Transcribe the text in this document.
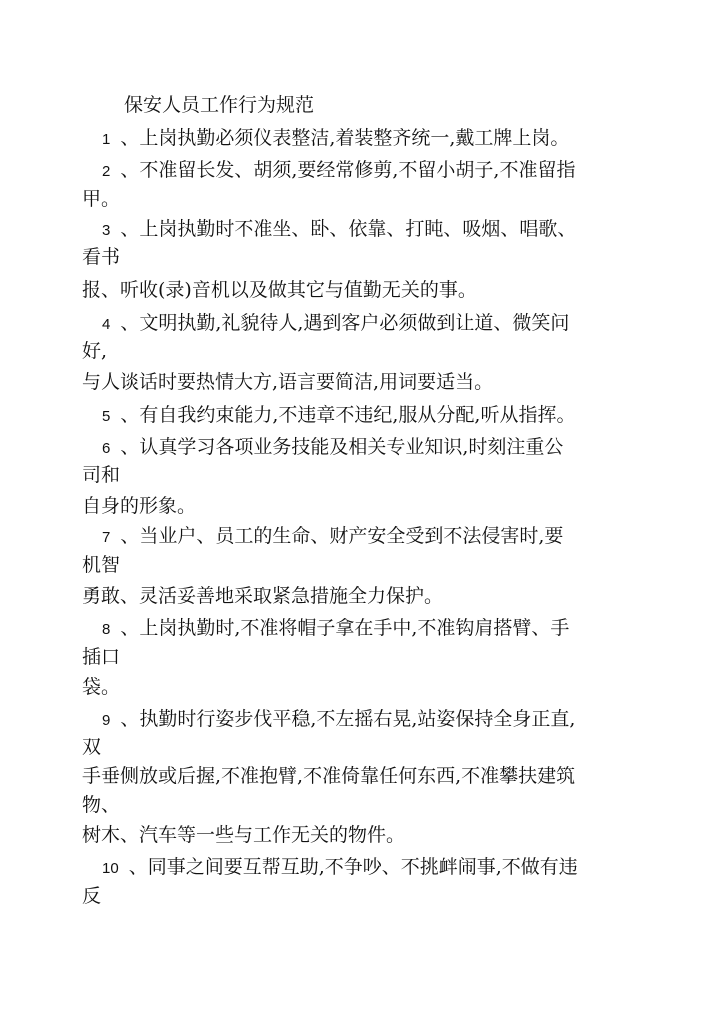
保安人员工作行为规范
1 、上岗执勤必须仪表整洁,着装整齐统一,戴工牌上岗。
2 、不准留长发、胡须,要经常修剪,不留小胡子,不准留指
甲。
3 、上岗执勤时不准坐、卧、依靠、打盹、吸烟、唱歌、
看书
报、听收(录)音机以及做其它与值勤无关的事。
4 、文明执勤,礼貌待人,遇到客户必须做到让道、微笑问
好,
与人谈话时要热情大方,语言要简洁,用词要适当。
5 、有自我约束能力,不违章不违纪,服从分配,听从指挥。
6 、认真学习各项业务技能及相关专业知识,时刻注重公
司和
自身的形象。
7 、当业户、员工的生命、财产安全受到不法侵害时,要
机智
勇敢、灵活妥善地采取紧急措施全力保护。
8 、上岗执勤时,不准将帽子拿在手中,不准钩肩搭臂、手
插口
袋。
9 、执勤时行姿步伐平稳,不左摇右晃,站姿保持全身正直,
双
手垂侧放或后握,不准抱臂,不准倚靠任何东西,不准攀扶建筑
物、
树木、汽车等一些与工作无关的物件。
10 、同事之间要互帮互助,不争吵、不挑衅闹事,不做有违
反
